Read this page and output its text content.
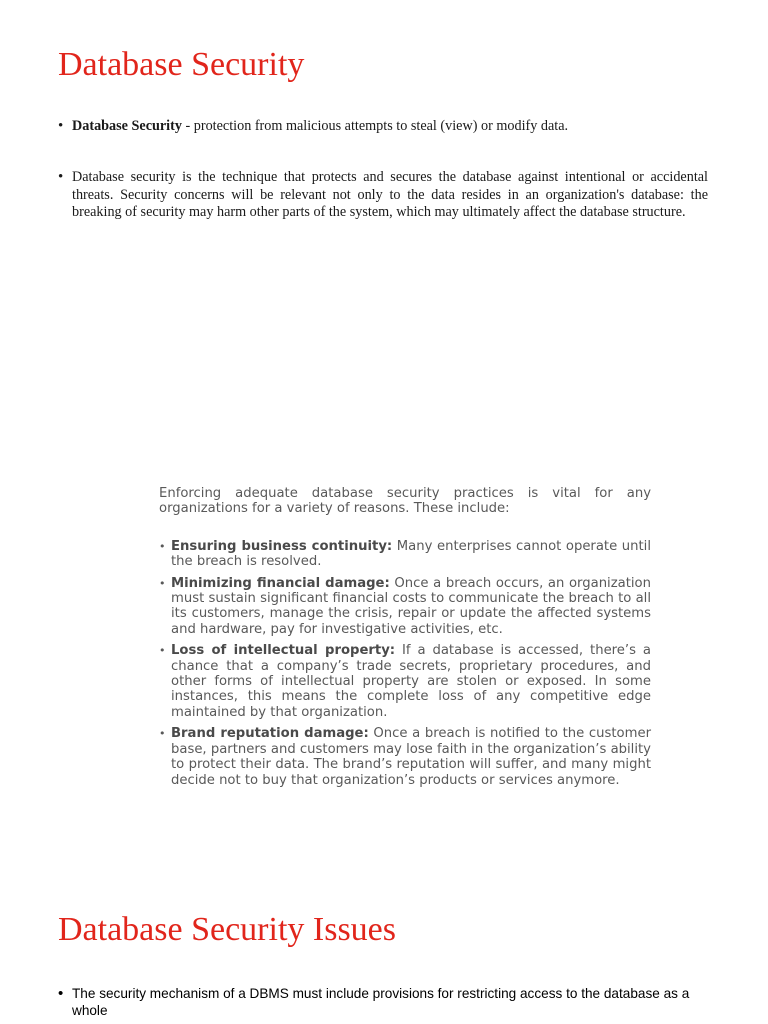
Database Security
• Database Security - protection from malicious attempts to steal (view) or modify data.
• Database security is the technique that protects and secures the database against intentional or accidental threats. Security concerns will be relevant not only to the data resides in an organization's database: the breaking of security may harm other parts of the system, which may ultimately affect the database structure.

Enforcing adequate database security practices is vital for any organizations for a variety of reasons. These include:

• Ensuring business continuity: Many enterprises cannot operate until the breach is resolved.
• Minimizing financial damage: Once a breach occurs, an organization must sustain significant financial costs to communicate the breach to all its customers, manage the crisis, repair or update the affected systems and hardware, pay for investigative activities, etc.
• Loss of intellectual property: If a database is accessed, there’s a chance that a company’s trade secrets, proprietary procedures, and other forms of intellectual property are stolen or exposed. In some instances, this means the complete loss of any competitive edge maintained by that organization.
• Brand reputation damage: Once a breach is notified to the customer base, partners and customers may lose faith in the organization’s ability to protect their data. The brand’s reputation will suffer, and many might decide not to buy that organization’s products or services anymore.
Database Security Issues
• The security mechanism of a DBMS must include provisions for restricting access to the database as a whole
